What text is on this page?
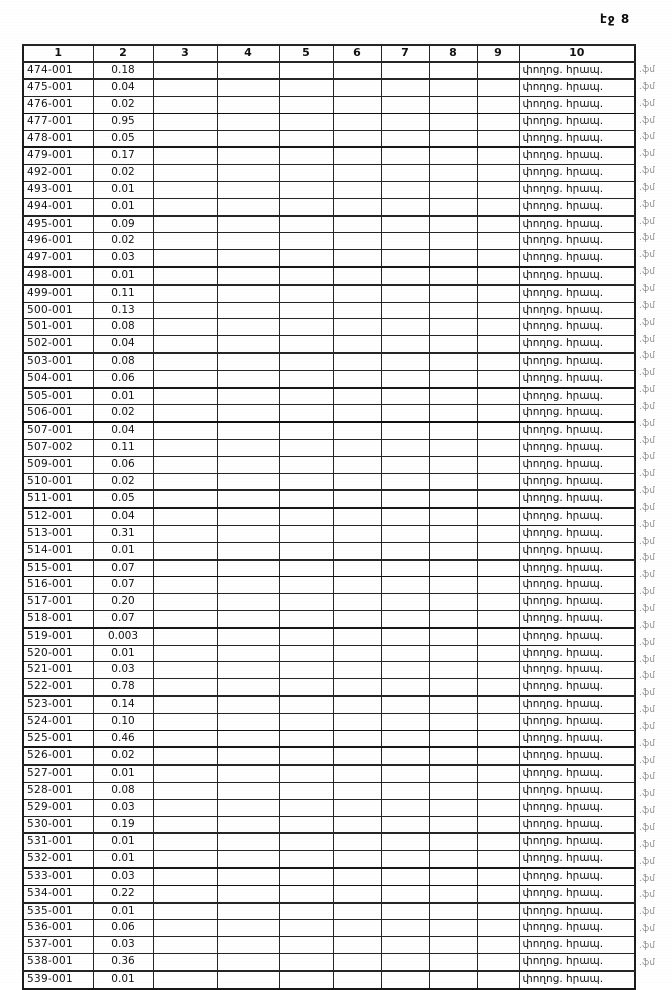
էջ 8
1	2	3	4	5	6	7	8	9	10
474-001	0.18								փողոց. հրապ.
475-001	0.04								փողոց. հրապ.
476-001	0.02								փողոց. հրապ.
477-001	0.95								փողոց. հրապ.
478-001	0.05								փողոց. հրապ.
479-001	0.17								փողոց. հրապ.
492-001	0.02								փողոց. հրապ.
493-001	0.01								փողոց. հրապ.
494-001	0.01								փողոց. հրապ.
495-001	0.09								փողոց. հրապ.
496-001	0.02								փողոց. հրապ.
497-001	0.03								փողոց. հրապ.
498-001	0.01								փողոց. հրապ.
499-001	0.11								փողոց. հրապ.
500-001	0.13								փողոց. հրապ.
501-001	0.08								փողոց. հրապ.
502-001	0.04								փողոց. հրապ.
503-001	0.08								փողոց. հրապ.
504-001	0.06								փողոց. հրապ.
505-001	0.01								փողոց. հրապ.
506-001	0.02								փողոց. հրապ.
507-001	0.04								փողոց. հրապ.
507-002	0.11								փողոց. հրապ.
509-001	0.06								փողոց. հրապ.
510-001	0.02								փողոց. հրապ.
511-001	0.05								փողոց. հրապ.
512-001	0.04								փողոց. հրապ.
513-001	0.31								փողոց. հրապ.
514-001	0.01								փողոց. հրապ.
515-001	0.07								փողոց. հրապ.
516-001	0.07								փողոց. հրապ.
517-001	0.20								փողոց. հրապ.
518-001	0.07								փողոց. հրապ.
519-001	0.003								փողոց. հրապ.
520-001	0.01								փողոց. հրապ.
521-001	0.03								փողոց. հրապ.
522-001	0.78								փողոց. հրապ.
523-001	0.14								փողոց. հրապ.
524-001	0.10								փողոց. հրապ.
525-001	0.46								փողոց. հրապ.
526-001	0.02								փողոց. հրապ.
527-001	0.01								փողոց. հրապ.
528-001	0.08								փողոց. հրապ.
529-001	0.03								փողոց. հրապ.
530-001	0.19								փողոց. հրապ.
531-001	0.01								փողոց. հրապ.
532-001	0.01								փողոց. հրապ.
533-001	0.03								փողոց. հրապ.
534-001	0.22								փողոց. հրապ.
535-001	0.01								փողոց. հրապ.
536-001	0.06								փողոց. հրապ.
537-001	0.03								փողոց. հրապ.
538-001	0.36								փողոց. հրապ.
539-001	0.01								փողոց. հրապ.
.ֆմ
.ֆմ
.ֆմ
.ֆմ
.ֆմ
.ֆմ
.ֆմ
.ֆմ
.ֆմ
.ֆմ
.ֆմ
.ֆմ
.ֆմ
.ֆմ
.ֆմ
.ֆմ
.ֆմ
.ֆմ
.ֆմ
.ֆմ
.ֆմ
.ֆմ
.ֆմ
.ֆմ
.ֆմ
.ֆմ
.ֆմ
.ֆմ
.ֆմ
.ֆմ
.ֆմ
.ֆմ
.ֆմ
.ֆմ
.ֆմ
.ֆմ
.ֆմ
.ֆմ
.ֆմ
.ֆմ
.ֆմ
.ֆմ
.ֆմ
.ֆմ
.ֆմ
.ֆմ
.ֆմ
.ֆմ
.ֆմ
.ֆմ
.ֆմ
.ֆմ
.ֆմ
.ֆմ
